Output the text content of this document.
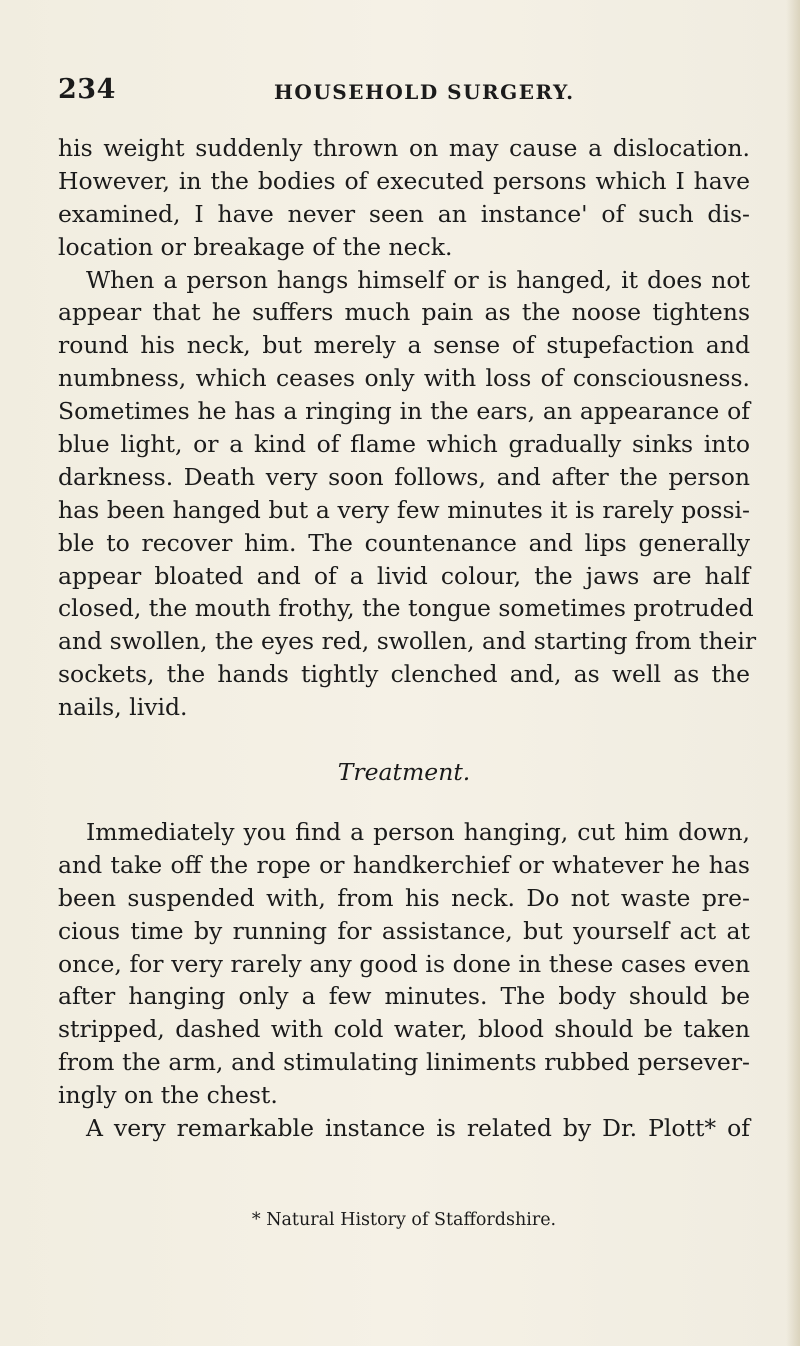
234	HOUSEHOLD SURGERY.
his weight suddenly thrown on may cause a dislocation.
However, in the bodies of executed persons which I have
examined, I have never seen an instance' of such dis-
location or breakage of the neck.
When a person hangs himself or is hanged, it does not
appear that he suffers much pain as the noose tightens
round his neck, but merely a sense of stupefaction and
numbness, which ceases only with loss of consciousness.
Sometimes he has a ringing in the ears, an appearance of
blue light, or a kind of flame which gradually sinks into
darkness. Death very soon follows, and after the person
has been hanged but a very few minutes it is rarely possi-
ble to recover him. The countenance and lips generally
appear bloated and of a livid colour, the jaws are half
closed, the mouth frothy, the tongue sometimes protruded
and swollen, the eyes red, swollen, and starting from their
sockets, the hands tightly clenched and, as well as the
nails, livid.
Treatment.
Immediately you find a person hanging, cut him down,
and take off the rope or handkerchief or whatever he has
been suspended with, from his neck. Do not waste pre-
cious time by running for assistance, but yourself act at
once, for very rarely any good is done in these cases even
after hanging only a few minutes. The body should be
stripped, dashed with cold water, blood should be taken
from the arm, and stimulating liniments rubbed persever-
ingly on the chest.
A very remarkable instance is related by Dr. Plott* of
* Natural History of Staffordshire.
